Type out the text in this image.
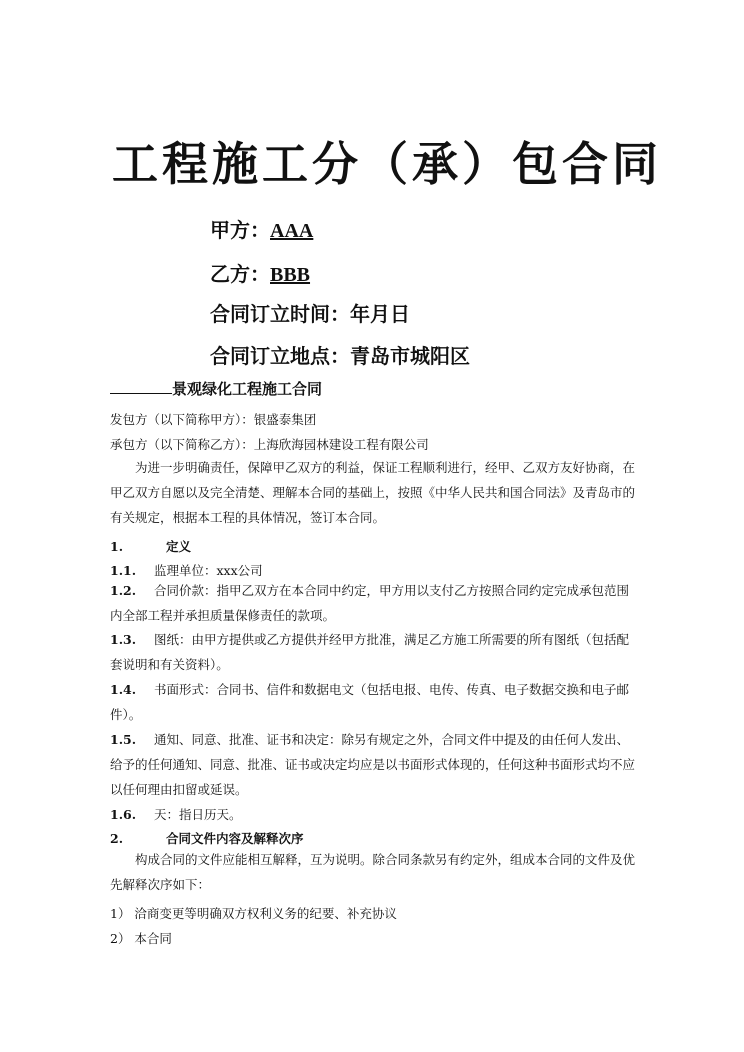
工程施工分（承）包合同
甲方：AAA
乙方：BBB
合同订立时间：年月日
合同订立地点：青岛市城阳区
景观绿化工程施工合同
发包方（以下简称甲方）：银盛泰集团
承包方（以下简称乙方）：上海欣海园林建设工程有限公司
为进一步明确责任，保障甲乙双方的利益，保证工程顺利进行，经甲、乙双方友好协商，在甲乙双方自愿以及完全清楚、理解本合同的基础上，按照《中华人民共和国合同法》及青岛市的有关规定，根据本工程的具体情况，签订本合同。
1.	定义
1.1. 监理单位：xxx公司
1.2. 合同价款：指甲乙双方在本合同中约定，甲方用以支付乙方按照合同约定完成承包范围内全部工程并承担质量保修责任的款项。
1.3. 图纸：由甲方提供或乙方提供并经甲方批准，满足乙方施工所需要的所有图纸（包括配套说明和有关资料）。
1.4. 书面形式：合同书、信件和数据电文（包括电报、电传、传真、电子数据交换和电子邮件）。
1.5. 通知、同意、批准、证书和决定：除另有规定之外，合同文件中提及的由任何人发出、给予的任何通知、同意、批准、证书或决定均应是以书面形式体现的，任何这种书面形式均不应以任何理由扣留或延误。
1.6. 天：指日历天。
2.	合同文件内容及解释次序
构成合同的文件应能相互解释，互为说明。除合同条款另有约定外，组成本合同的文件及优先解释次序如下：
1） 洽商变更等明确双方权利义务的纪要、补充协议
2） 本合同
